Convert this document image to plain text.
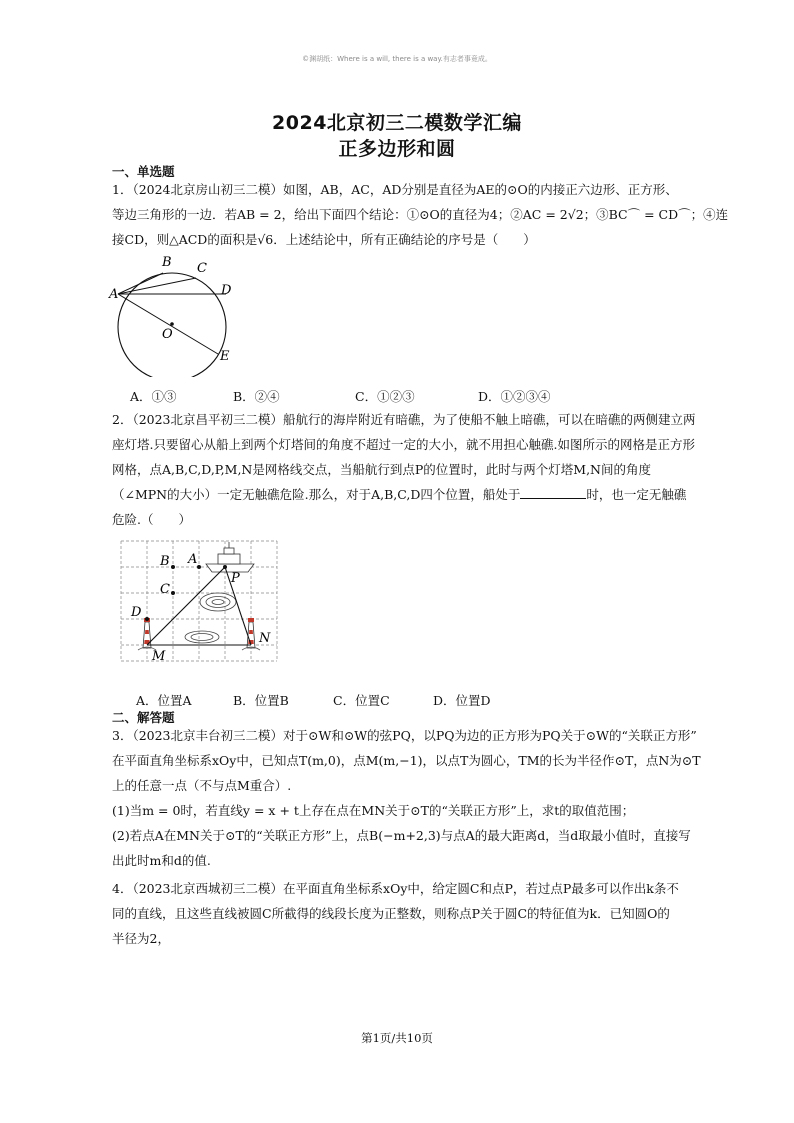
©渊胡纸：Where is a will, there is a way.有志者事竟成。
2024北京初三二模数学汇编
正多边形和圆
一、单选题
1．（2024北京房山初三二模）如图，AB，AC，AD分别是直径为AE的⊙O的内接正六边形、正方形、
等边三角形的一边．若AB = 2，给出下面四个结论：①⊙O的直径为4；②AC = 2√2；③BC⌒ = CD⌒；④连
接CD，则△ACD的面积是√6．上述结论中，所有正确结论的序号是（　　）
A
B C
D
O
E
A．①③	B．②④	C．①②③	D．①②③④
2．（2023北京昌平初三二模）船航行的海岸附近有暗礁，为了使船不触上暗礁，可以在暗礁的两侧建立两
座灯塔.只要留心从船上到两个灯塔间的角度不超过一定的大小，就不用担心触礁.如图所示的网格是正方形
网格，点A,B,C,D,P,M,N是网格线交点，当船航行到点P的位置时，此时与两个灯塔M,N间的角度
（∠MPN的大小）一定无触礁危险.那么，对于A,B,C,D四个位置，船处于	时，也一定无触礁
危险.（　　）
B A
P
C
D
N
M
A．位置A	B．位置B	C．位置C	D．位置D
二、解答题
3．（2023北京丰台初三二模）对于⊙W和⊙W的弦PQ，以PQ为边的正方形为PQ关于⊙W的“关联正方形”
在平面直角坐标系xOy中，已知点T(m,0)，点M(m,−1)，以点T为圆心，TM的长为半径作⊙T，点N为⊙T
上的任意一点（不与点M重合）.
(1)当m = 0时，若直线y = x + t上存在点在MN关于⊙T的“关联正方形”上，求t的取值范围；
(2)若点A在MN关于⊙T的“关联正方形”上，点B(−m+2,3)与点A的最大距离d，当d取最小值时，直接写
出此时m和d的值.
4．（2023北京西城初三二模）在平面直角坐标系xOy中，给定圆C和点P，若过点P最多可以作出k条不
同的直线，且这些直线被圆C所截得的线段长度为正整数，则称点P关于圆C的特征值为k．已知圆O的
半径为2，
第1页/共10页
